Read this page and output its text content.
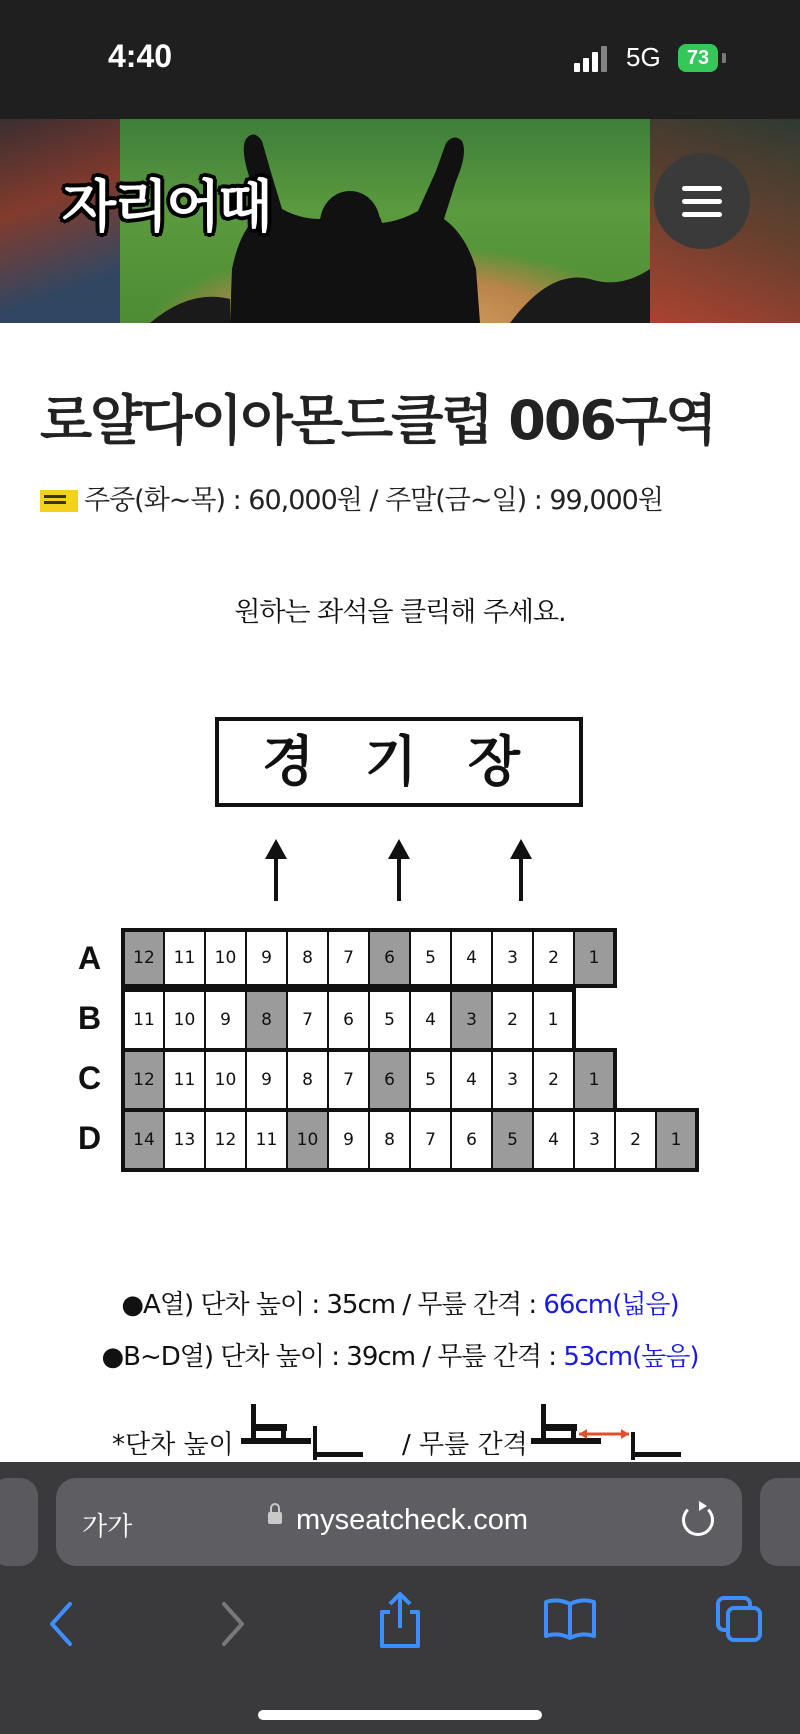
4:40	5G	73
자리어때
로얄다이아몬드클럽 006구역
주중(화~목) : 60,000원 / 주말(금~일) : 99,000원
원하는 좌석을 클릭해 주세요.
경 기 장
A 12	11	10	9	8	7	6	5	4	3	2	1
B 11	10	9	8	7	6	5	4	3	2	1
C 12	11	10	9	8	7	6	5	4	3	2	1
D 14	13	12	11	10	9	8	7	6	5	4	3	2	1
●A열) 단차 높이 : 35cm / 무릎 간격 : 66cm(넓음)
●B~D열) 단차 높이 : 39cm / 무릎 간격 : 53cm(높음)
*단차 높이	/ 무릎 간격
가가	myseatcheck.com
